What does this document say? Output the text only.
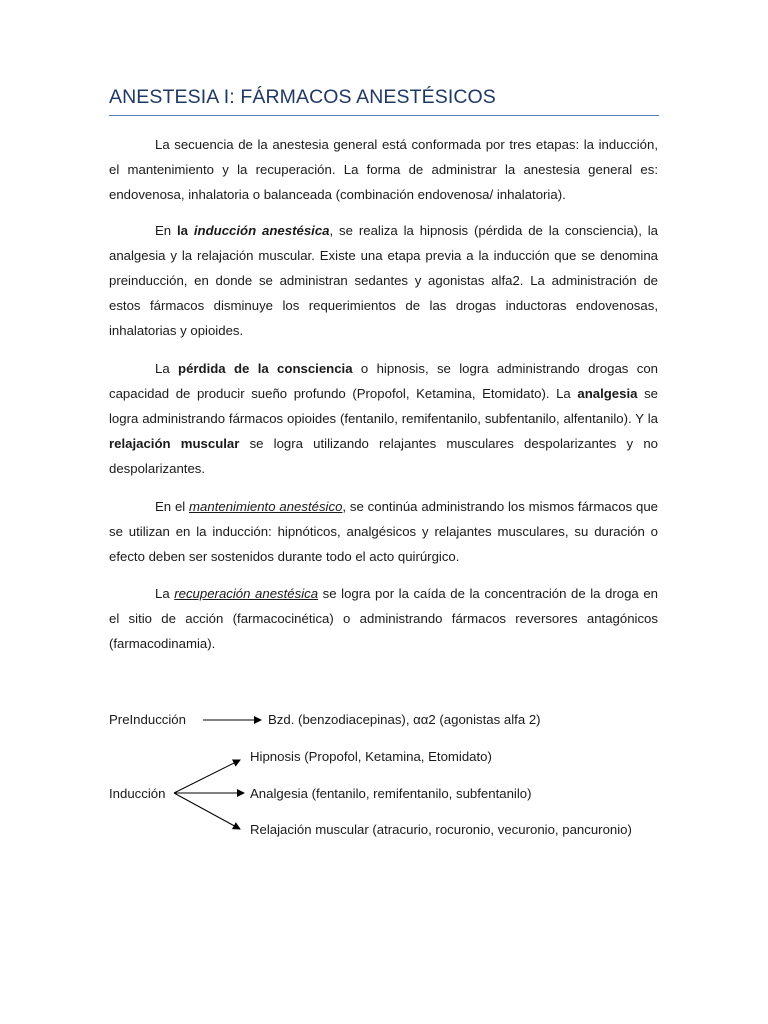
ANESTESIA I: FÁRMACOS ANESTÉSICOS

La secuencia de la anestesia general está conformada por tres etapas: la inducción, el mantenimiento y la recuperación. La forma de administrar la anestesia general es: endovenosa, inhalatoria o balanceada (combinación endovenosa/ inhalatoria).

En la inducción anestésica, se realiza la hipnosis (pérdida de la consciencia), la analgesia y la relajación muscular. Existe una etapa previa a la inducción que se denomina preinducción, en donde se administran sedantes y agonistas alfa2. La administración de estos fármacos disminuye los requerimientos de las drogas inductoras endovenosas, inhalatorias y opioides.

La pérdida de la consciencia o hipnosis, se logra administrando drogas con capacidad de producir sueño profundo (Propofol, Ketamina, Etomidato). La analgesia se logra administrando fármacos opioides (fentanilo, remifentanilo, subfentanilo, alfentanilo). Y la relajación muscular se logra utilizando relajantes musculares despolarizantes y no despolarizantes.

En el mantenimiento anestésico, se continúa administrando los mismos fármacos que se utilizan en la inducción: hipnóticos, analgésicos y relajantes musculares, su duración o efecto deben ser sostenidos durante todo el acto quirúrgico.

La recuperación anestésica se logra por la caída de la concentración de la droga en el sitio de acción (farmacocinética) o administrando fármacos reversores antagónicos (farmacodinamia).

PreInducción	Bzd. (benzodiacepinas), αα2 (agonistas alfa 2)
Hipnosis (Propofol, Ketamina, Etomidato)
Inducción	Analgesia (fentanilo, remifentanilo, subfentanilo)
Relajación muscular (atracurio, rocuronio, vecuronio, pancuronio)
